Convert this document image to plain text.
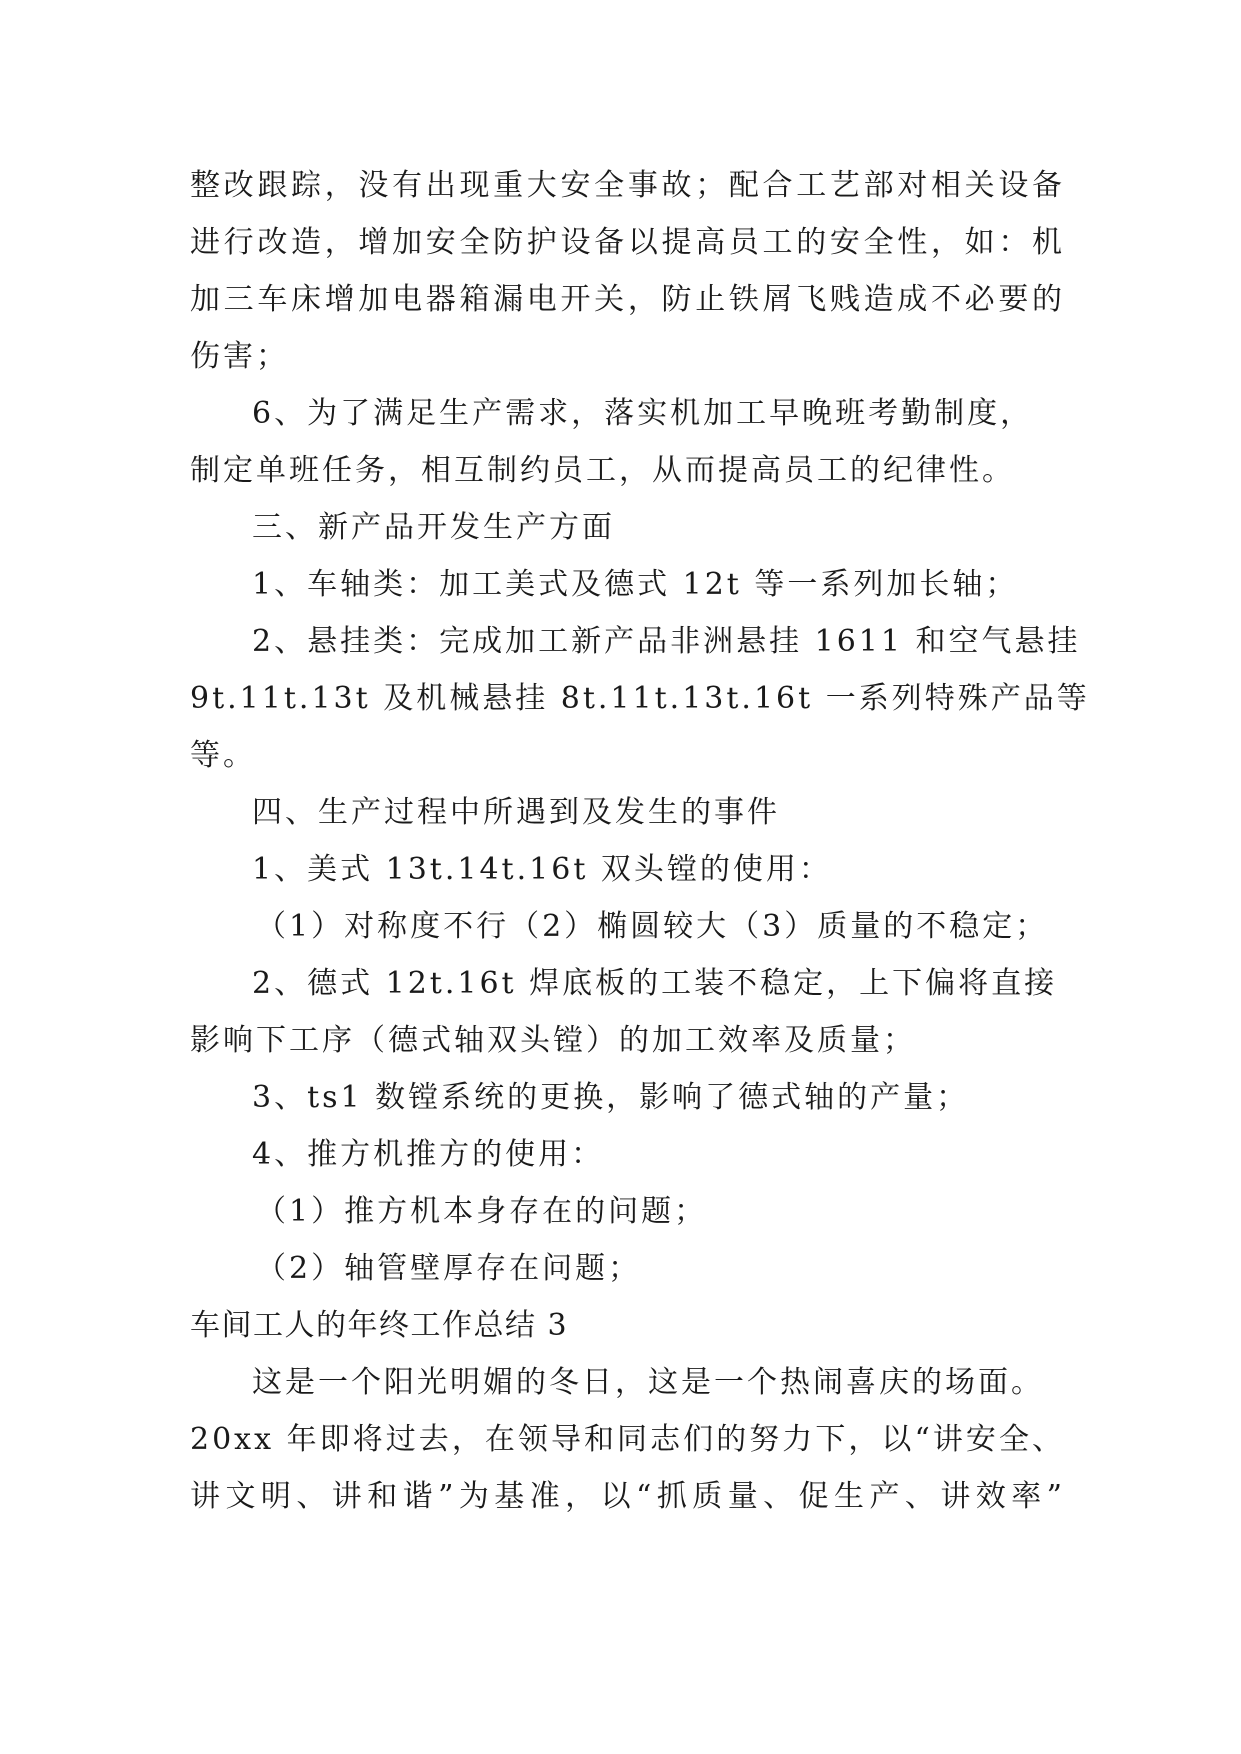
整改跟踪，没有出现重大安全事故；配合工艺部对相关设备
进行改造，增加安全防护设备以提高员工的安全性，如：机
加三车床增加电器箱漏电开关，防止铁屑飞贱造成不必要的
伤害；
6、为了满足生产需求，落实机加工早晚班考勤制度，
制定单班任务，相互制约员工，从而提高员工的纪律性。
三、新产品开发生产方面
1、车轴类：加工美式及德式 12t 等一系列加长轴；
2、悬挂类：完成加工新产品非洲悬挂 1611 和空气悬挂
9t.11t.13t 及机械悬挂 8t.11t.13t.16t 一系列特殊产品等
等。
四、生产过程中所遇到及发生的事件
1、美式 13t.14t.16t 双头镗的使用：
（1）对称度不行（2）椭圆较大（3）质量的不稳定；
2、德式 12t.16t 焊底板的工装不稳定，上下偏将直接
影响下工序（德式轴双头镗）的加工效率及质量；
3、ts1 数镗系统的更换，影响了德式轴的产量；
4、推方机推方的使用：
（1）推方机本身存在的问题；
（2）轴管壁厚存在问题；
车间工人的年终工作总结 3
这是一个阳光明媚的冬日，这是一个热闹喜庆的场面。
20xx 年即将过去，在领导和同志们的努力下，以“讲安全、
讲文明、讲和谐”为基准，以“抓质量、促生产、讲效率”
